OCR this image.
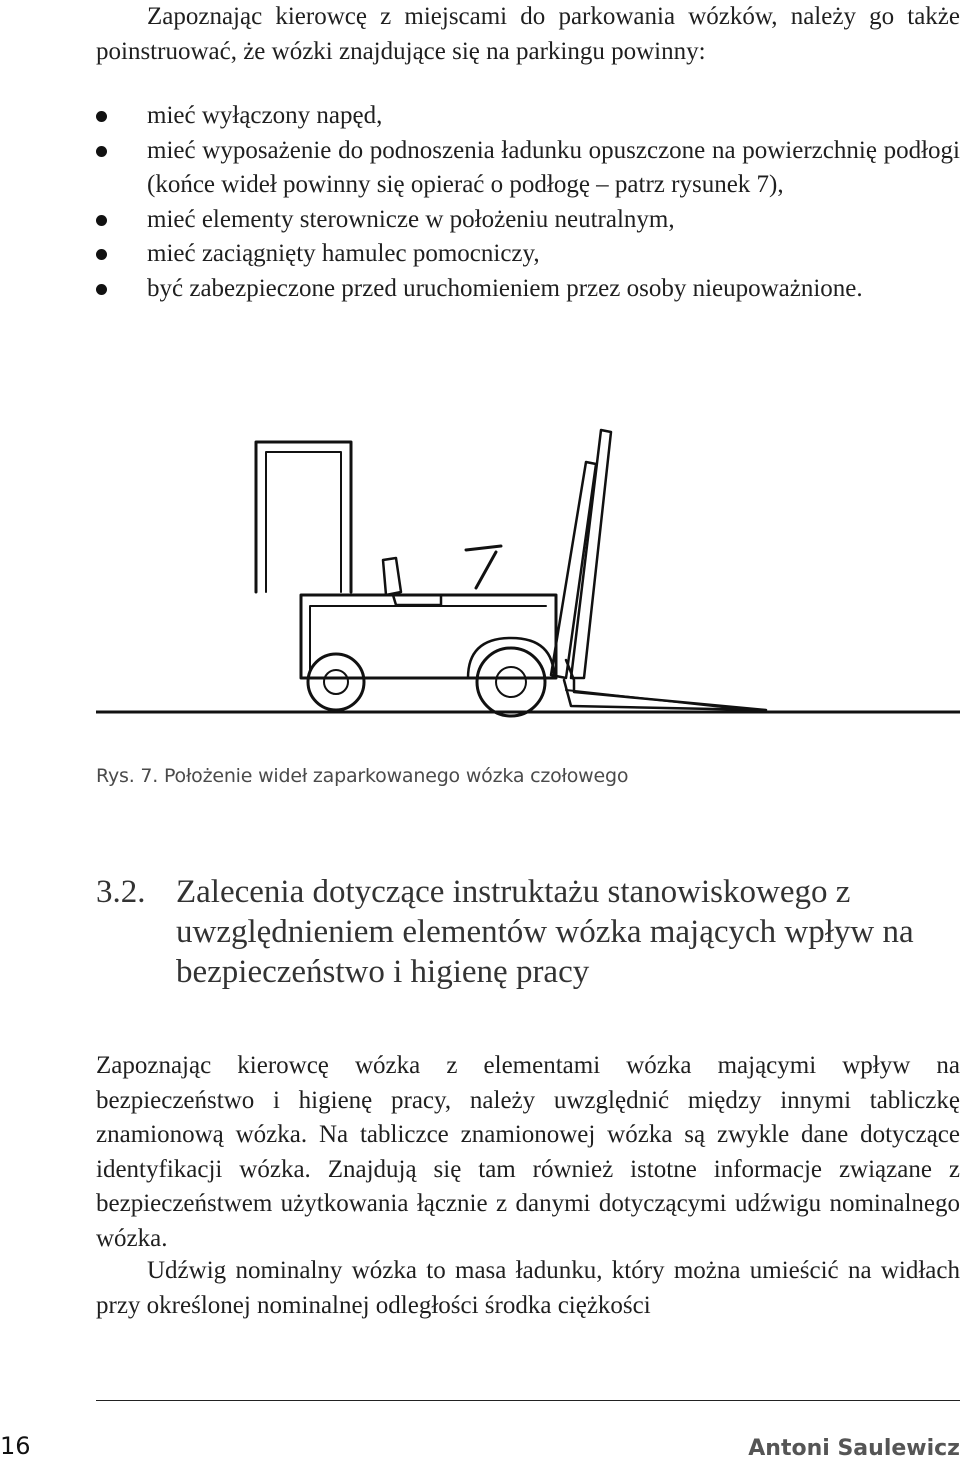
Zapoznając kierowcę z miejscami do parkowania wózków, należy go także poinstruować, że wózki znajdujące się na parkingu powinny:

mieć wyłączony napęd,
mieć wyposażenie do podnoszenia ładunku opuszczone na powierzchnię podłogi (końce wideł powinny się opierać o podłogę – patrz rysunek 7),
mieć elementy sterownicze w położeniu neutralnym,
mieć zaciągnięty hamulec pomocniczy,
być zabezpieczone przed uruchomieniem przez osoby nieupoważnione.
Rys. 7. Położenie wideł zaparkowanego wózka czołowego
3.2. Zalecenia dotyczące instruktażu stanowiskowego z uwzględnieniem elementów wózka mających wpływ na bezpieczeństwo i higienę pracy

Zapoznając kierowcę wózka z elementami wózka mającymi wpływ na bezpieczeństwo i higienę pracy, należy uwzględnić między innymi tabliczkę znamionową wózka. Na tabliczce znamionowej wózka są zwykle dane dotyczące identyfikacji wózka. Znajdują się tam również istotne informacje związane z bezpieczeństwem użytkowania łącznie z danymi dotyczącymi udźwigu nominalnego wózka.

Udźwig nominalny wózka to masa ładunku, który można umieścić na widłach przy określonej nominalnej odległości środka ciężkości

16	Antoni Saulewicz
